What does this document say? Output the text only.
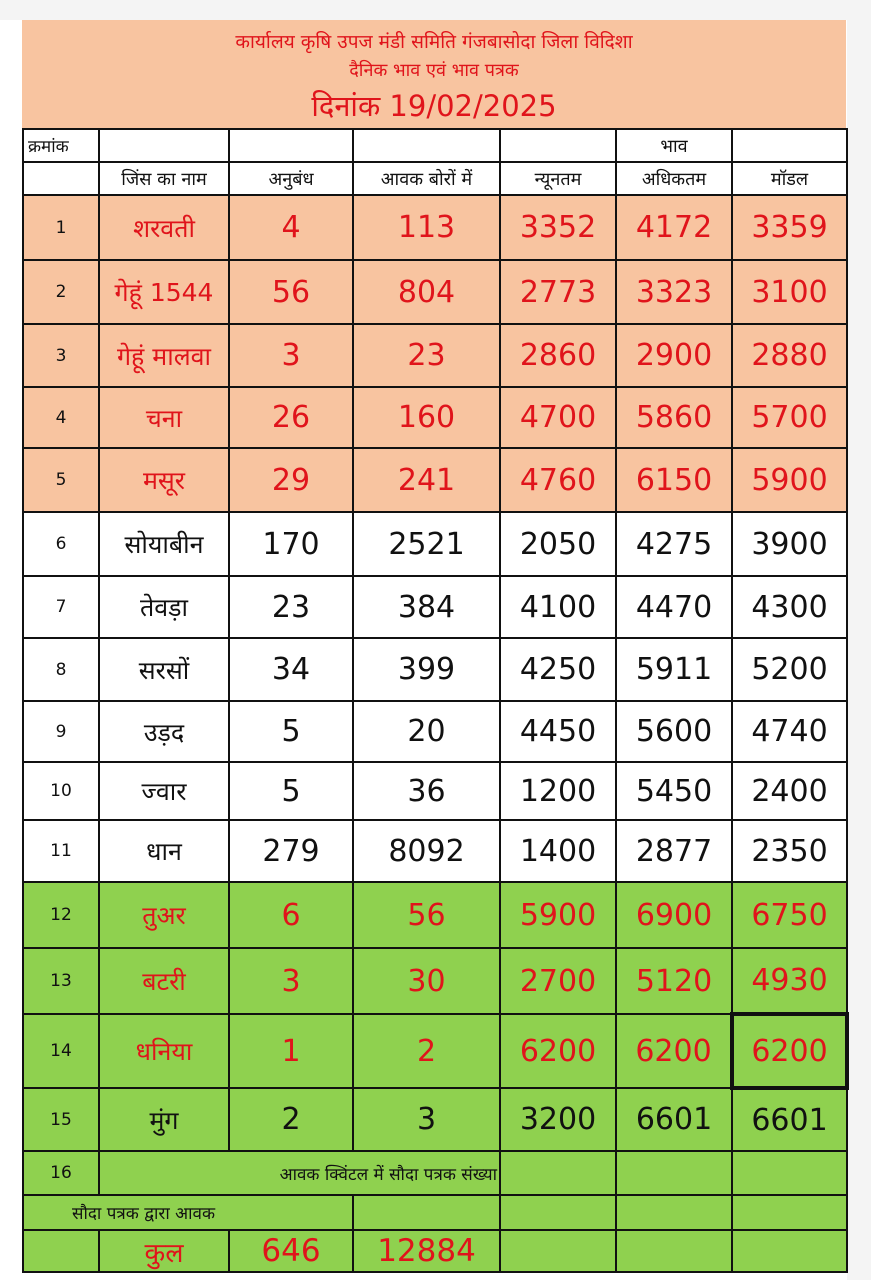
कार्यालय कृषि उपज मंडी समिति गंजबासोदा जिला विदिशा
दैनिक भाव एवं भाव पत्रक
दिनांक 19/02/2025
क्रमांक					भाव	
	जिंस का नाम	अनुबंध	आवक बोरों में	न्यूनतम	अधिकतम	मॉडल
1	शरवती	4	113	3352	4172	3359
2	गेहूं 1544	56	804	2773	3323	3100
3	गेहूं मालवा	3	23	2860	2900	2880
4	चना	26	160	4700	5860	5700
5	मसूर	29	241	4760	6150	5900
6	सोयाबीन	170	2521	2050	4275	3900
7	तेवड़ा	23	384	4100	4470	4300
8	सरसों	34	399	4250	5911	5200
9	उड़द	5	20	4450	5600	4740
10	ज्वार	5	36	1200	5450	2400
11	धान	279	8092	1400	2877	2350
12	तुअर	6	56	5900	6900	6750
13	बटरी	3	30	2700	5120	4930
14	धनिया	1	2	6200	6200	6200
15	मुंग	2	3	3200	6601	6601
16	आवक क्विंटल में सौदा पत्रक संख्या					
सौदा पत्रक द्वारा आवक						
	कुल	646	12884			
